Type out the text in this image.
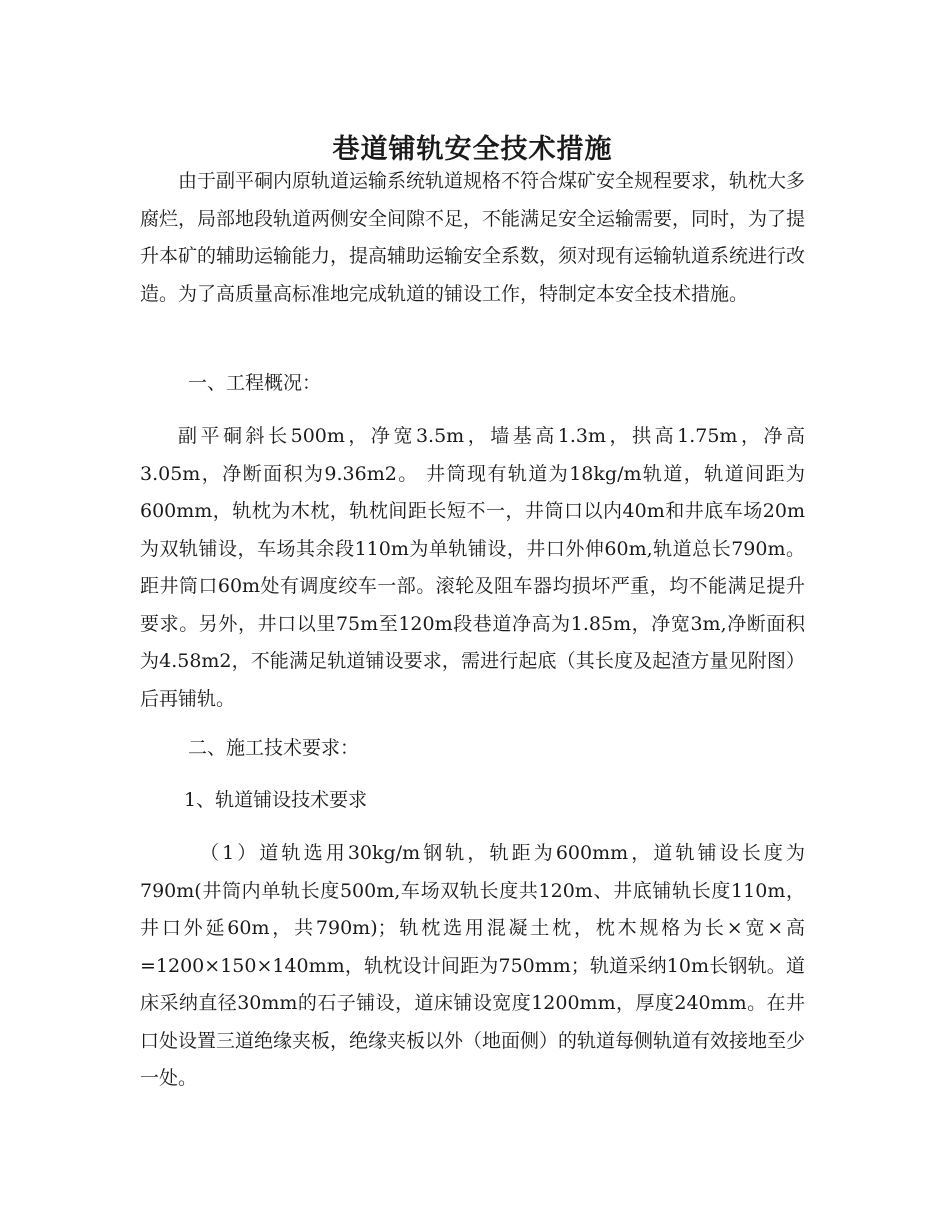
巷道铺轨安全技术措施

由于副平硐内原轨道运输系统轨道规格不符合煤矿安全规程要求，轨枕大多腐烂，局部地段轨道两侧安全间隙不足，不能满足安全运输需要，同时，为了提升本矿的辅助运输能力，提高辅助运输安全系数，须对现有运输轨道系统进行改造。为了高质量高标准地完成轨道的铺设工作，特制定本安全技术措施。

一、工程概况：

副平硐斜长500m，净宽3.5m，墙基高1.3m，拱高1.75m，净高3.05m，净断面积为9.36m2。 井筒现有轨道为18kg/m轨道，轨道间距为600mm，轨枕为木枕，轨枕间距长短不一，井筒口以内40m和井底车场20m为双轨铺设，车场其余段110m为单轨铺设，井口外伸60m,轨道总长790m。距井筒口60m处有调度绞车一部。滚轮及阻车器均损坏严重，均不能满足提升要求。另外，井口以里75m至120m段巷道净高为1.85m，净宽3m,净断面积为4.58m2，不能满足轨道铺设要求，需进行起底（其长度及起渣方量见附图）后再铺轨。

二、施工技术要求：

1、轨道铺设技术要求

（1）道轨选用30kg/m钢轨，轨距为600mm，道轨铺设长度为790m(井筒内单轨长度500m,车场双轨长度共120m、井底铺轨长度110m，井口外延60m，共790m)；轨枕选用混凝土枕，枕木规格为长×宽×高=1200×150×140mm，轨枕设计间距为750mm；轨道采纳10m长钢轨。道床采纳直径30mm的石子铺设，道床铺设宽度1200mm，厚度240mm。在井口处设置三道绝缘夹板，绝缘夹板以外（地面侧）的轨道每侧轨道有效接地至少一处。
